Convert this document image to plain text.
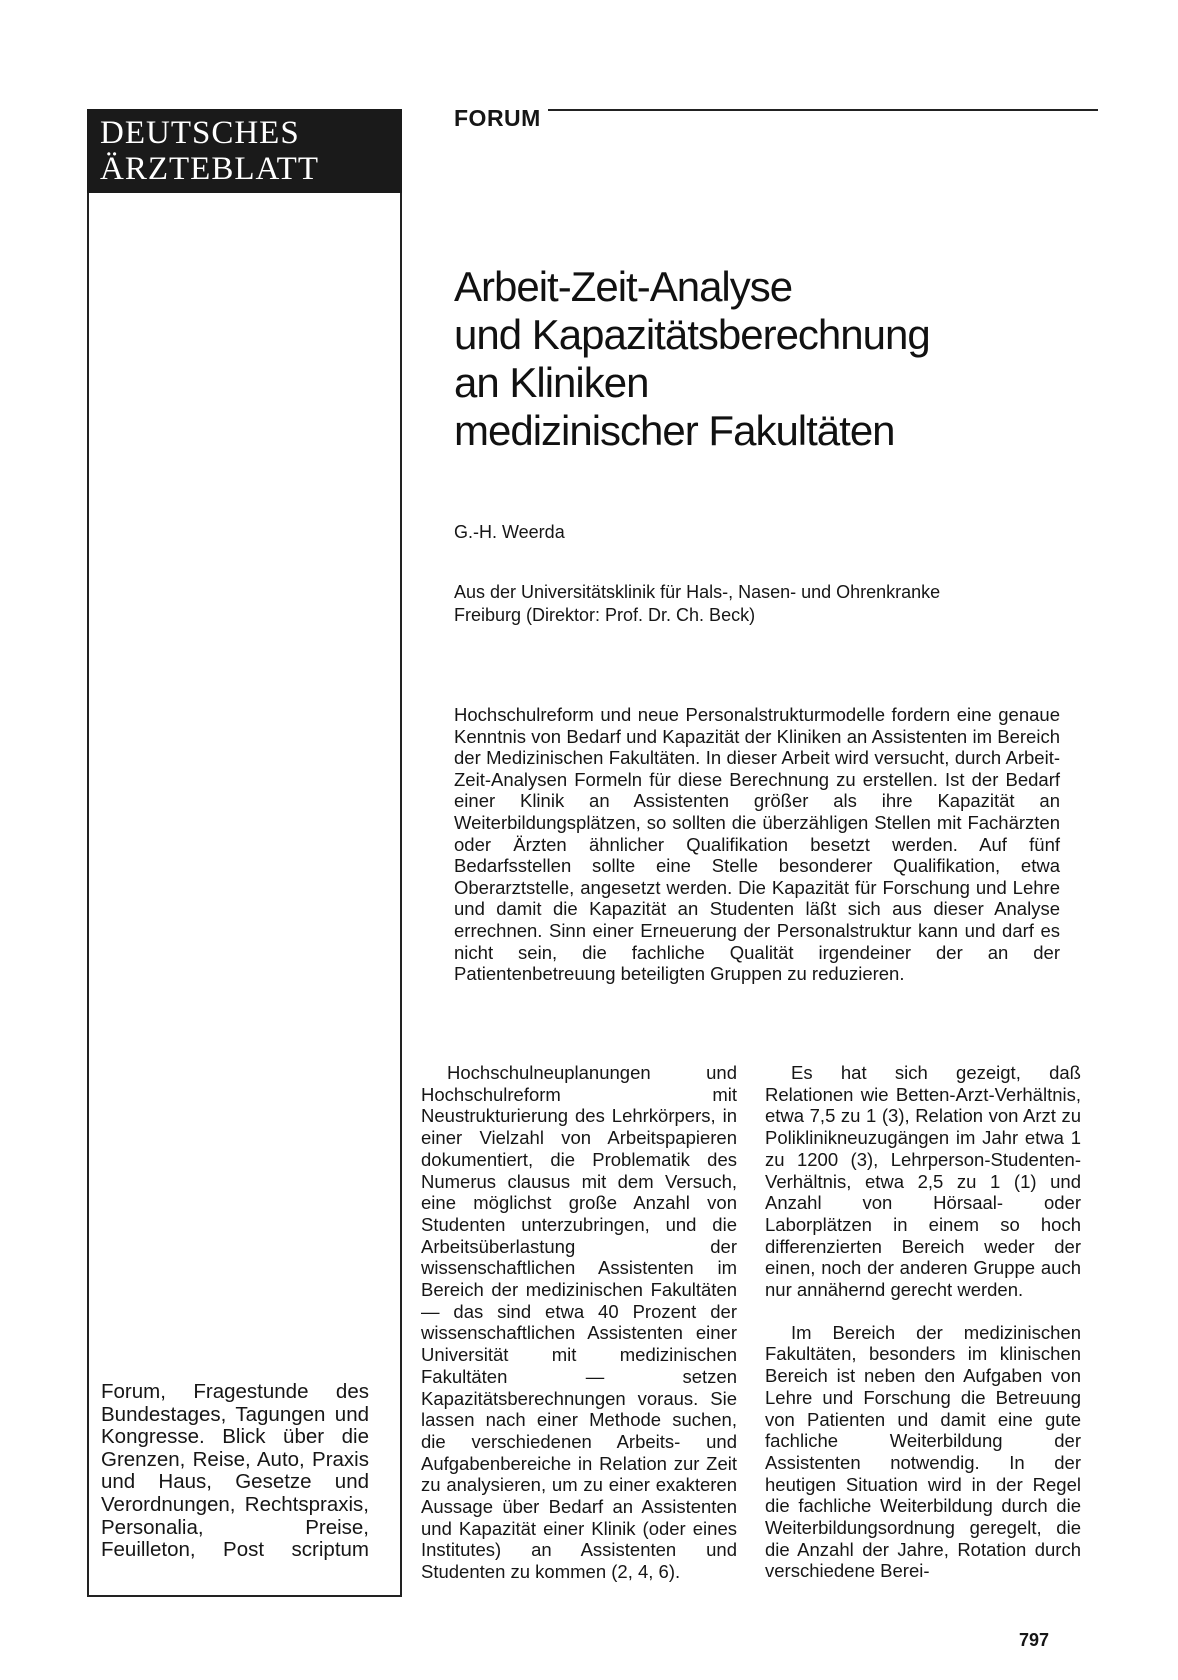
DEUTSCHES
ÄRZTEBLATT
Forum, Fragestunde des Bundestages, Tagungen und Kongresse. Blick über die Grenzen, Reise, Auto, Praxis und Haus, Gesetze und Verordnungen, Rechtspraxis, Personalia, Preise, Feuilleton, Post scriptum
FORUM
Arbeit-Zeit-Analyse
und Kapazitätsberechnung
an Kliniken
medizinischer Fakultäten
G.-H. Weerda
Aus der Universitätsklinik für Hals-, Nasen- und Ohrenkranke
Freiburg (Direktor: Prof. Dr. Ch. Beck)
Hochschulreform und neue Personalstrukturmodelle fordern eine genaue Kenntnis von Bedarf und Kapazität der Kliniken an Assistenten im Bereich der Medizinischen Fakultäten. In dieser Arbeit wird versucht, durch Arbeit-Zeit-Analysen Formeln für diese Berechnung zu erstellen. Ist der Bedarf einer Klinik an Assistenten größer als ihre Kapazität an Weiterbildungsplätzen, so sollten die überzähligen Stellen mit Fachärzten oder Ärzten ähnlicher Qualifikation besetzt werden. Auf fünf Bedarfsstellen sollte eine Stelle besonderer Qualifikation, etwa Oberarztstelle, angesetzt werden. Die Kapazität für Forschung und Lehre und damit die Kapazität an Studenten läßt sich aus dieser Analyse errechnen. Sinn einer Erneuerung der Personalstruktur kann und darf es nicht sein, die fachliche Qualität irgendeiner der an der Patientenbetreuung beteiligten Gruppen zu reduzieren.

Hochschulneuplanungen und Hochschulreform mit Neustrukturierung des Lehrkörpers, in einer Vielzahl von Arbeitspapieren dokumentiert, die Problematik des Numerus clausus mit dem Versuch, eine möglichst große Anzahl von Studenten unterzubringen, und die Arbeitsüberlastung der wissenschaftlichen Assistenten im Bereich der medizinischen Fakultäten — das sind etwa 40 Prozent der wissenschaftlichen Assistenten einer Universität mit medizinischen Fakultäten — setzen Kapazitätsberechnungen voraus. Sie lassen nach einer Methode suchen, die verschiedenen Arbeits- und Aufgabenbereiche in Relation zur Zeit zu analysieren, um zu einer exakteren Aussage über Bedarf an Assistenten und Kapazität einer Klinik (oder eines Institutes) an Assistenten und Studenten zu kommen (2, 4, 6).

Es hat sich gezeigt, daß Relationen wie Betten-Arzt-Verhältnis, etwa 7,5 zu 1 (3), Relation von Arzt zu Poliklinikneuzugängen im Jahr etwa 1 zu 1200 (3), Lehrperson-Studenten-Verhältnis, etwa 2,5 zu 1 (1) und Anzahl von Hörsaal- oder Laborplätzen in einem so hoch differenzierten Bereich weder der einen, noch der anderen Gruppe auch nur annähernd gerecht werden.

Im Bereich der medizinischen Fakultäten, besonders im klinischen Bereich ist neben den Aufgaben von Lehre und Forschung die Betreuung von Patienten und damit eine gute fachliche Weiterbildung der Assistenten notwendig. In der heutigen Situation wird in der Regel die fachliche Weiterbildung durch die Weiterbildungsordnung geregelt, die die Anzahl der Jahre, Rotation durch verschiedene Berei-

797
